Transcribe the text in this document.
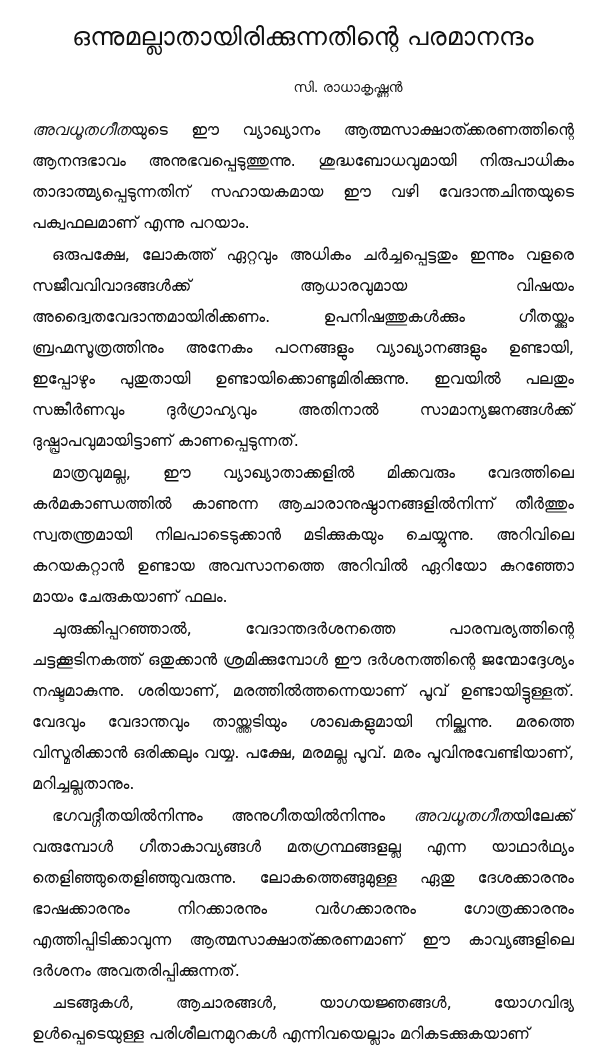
ഒന്നുമല്ലാതായിരിക്കുന്നതിന്റെ പരമാനന്ദം
സി. രാധാകൃഷ്ണൻ

അവധൂതഗീതയുടെ ഈ വ്യാഖ്യാനം ആത്മസാക്ഷാത്ക്കരണത്തിന്റെ ആനന്ദഭാവം അനുഭവപ്പെടുത്തുന്നു. ശുദ്ധബോധവുമായി നിരുപാധികം താദാത്മ്യപ്പെടുന്നതിന് സഹായകമായ ഈ വഴി വേദാന്തചിന്തയുടെ പക്വഫലമാണ് എന്നു പറയാം.

ഒരുപക്ഷേ, ലോകത്ത് ഏറ്റവും അധികം ചർച്ചപ്പെട്ടതും ഇന്നും വളരെ സജീവവിവാദങ്ങൾക്ക് ആധാരവുമായ വിഷയം അദ്വൈതവേദാന്തമായിരിക്കണം. ഉപനിഷത്തുകൾക്കും ഗീതയ്ക്കും ബ്രഹ്മസൂത്രത്തിനും അനേകം പഠനങ്ങളും വ്യാഖ്യാനങ്ങളും ഉണ്ടായി, ഇപ്പോഴും പുതുതായി ഉണ്ടായിക്കൊണ്ടുമിരിക്കുന്നു. ഇവയിൽ പലതും സങ്കീർണവും ദുർഗ്രാഹ്യവും അതിനാൽ സാമാന്യജനങ്ങൾക്ക് ദുഷ്പ്രാപവുമായിട്ടാണ് കാണപ്പെടുന്നത്.

മാത്രവുമല്ല, ഈ വ്യാഖ്യാതാക്കളിൽ മിക്കവരും വേദത്തിലെ കർമകാണ്ഡത്തിൽ കാണുന്ന ആചാരാനുഷ്ഠാനങ്ങളിൽനിന്ന് തീർത്തും സ്വതന്ത്രമായി നിലപാടെടുക്കാൻ മടിക്കുകയും ചെയ്യുന്നു. അറിവിലെ കറയകറ്റാൻ ഉണ്ടായ അവസാനത്തെ അറിവിൽ ഏറിയോ കുറഞ്ഞോ മായം ചേരുകയാണ് ഫലം.

ചുരുക്കിപ്പറഞ്ഞാൽ, വേദാന്തദർശനത്തെ പാരമ്പര്യത്തിന്റെ ചട്ടക്കൂടിനകത്ത് ഒതുക്കാൻ ശ്രമിക്കുമ്പോൾ ഈ ദർശനത്തിന്റെ ജന്മോദ്ദേശ്യം നഷ്ടമാകുന്നു. ശരിയാണ്, മരത്തിൽത്തന്നെയാണ് പൂവ് ഉണ്ടായിട്ടുള്ളത്. വേദവും വേദാന്തവും തായ്ത്തടിയും ശാഖകളുമായി നില്ക്കുന്നു. മരത്തെ വിസ്മരിക്കാൻ ഒരിക്കലും വയ്യ. പക്ഷേ, മരമല്ല പൂവ്. മരം പൂവിനുവേണ്ടിയാണ്, മറിച്ചല്ലതാനും.

ഭഗവദ്ഗീതയിൽനിന്നും അനുഗീതയിൽനിന്നും അവധൂതഗീതയിലേക്ക് വരുമ്പോൾ ഗീതാകാവ്യങ്ങൾ മതഗ്രന്ഥങ്ങളല്ല എന്ന യാഥാർഥ്യം തെളിഞ്ഞുതെളിഞ്ഞുവരുന്നു. ലോകത്തെങ്ങുമുള്ള ഏതു ദേശക്കാരനും ഭാഷക്കാരനും നിറക്കാരനും വർഗക്കാരനും ഗോത്രക്കാരനും എത്തിപ്പിടിക്കാവുന്ന ആത്മസാക്ഷാത്ക്കരണമാണ് ഈ കാവ്യങ്ങളിലെ ദർശനം അവതരിപ്പിക്കുന്നത്.

ചടങ്ങുകൾ, ആചാരങ്ങൾ, യാഗയജ്ഞങ്ങൾ, യോഗവിദ്യ ഉൾപ്പെടെയുള്ള പരിശീലനമുറകൾ എന്നിവയെല്ലാം മറികടക്കുകയാണ്
